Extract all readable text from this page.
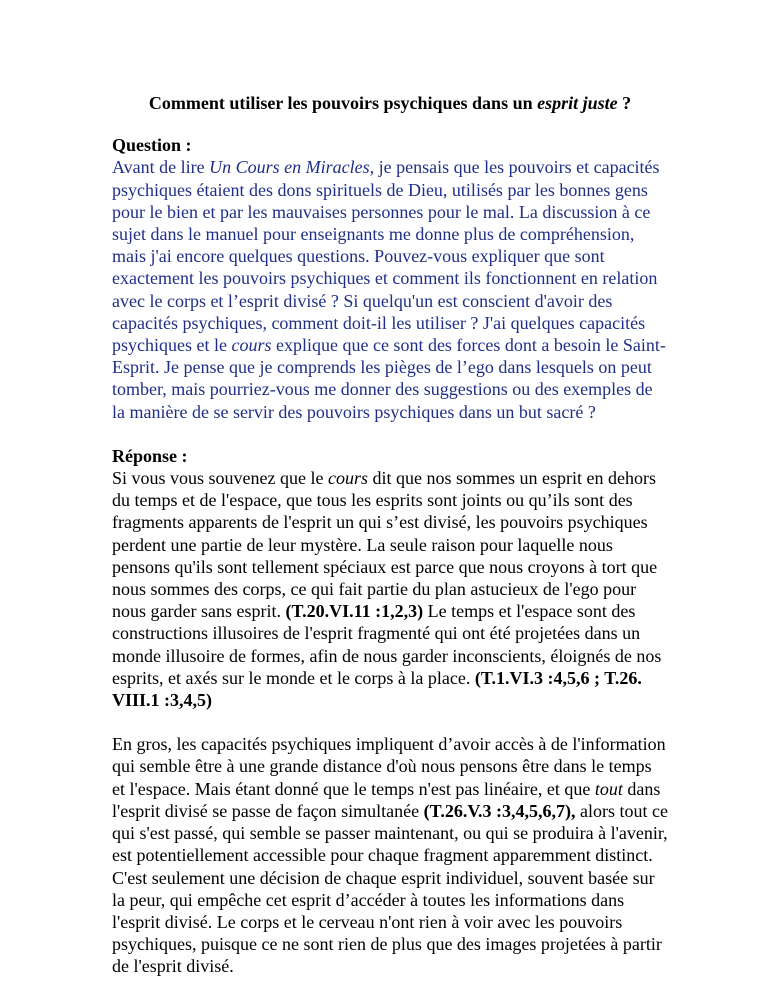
Comment utiliser les pouvoirs psychiques dans un esprit juste ?

Question :

Avant de lire Un Cours en Miracles, je pensais que les pouvoirs et capacités psychiques étaient des dons spirituels de Dieu, utilisés par les bonnes gens pour le bien et par les mauvaises personnes pour le mal. La discussion à ce sujet dans le manuel pour enseignants me donne plus de compréhension, mais j'ai encore quelques questions. Pouvez-vous expliquer que sont exactement les pouvoirs psychiques et comment ils fonctionnent en relation avec le corps et l’esprit divisé ? Si quelqu'un est conscient d'avoir des capacités psychiques, comment doit-il les utiliser ? J'ai quelques capacités psychiques et le cours explique que ce sont des forces dont a besoin le Saint-Esprit. Je pense que je comprends les pièges de l’ego dans lesquels on peut tomber, mais pourriez-vous me donner des suggestions ou des exemples de la manière de se servir des pouvoirs psychiques dans un but sacré ?

Réponse :

Si vous vous souvenez que le cours dit que nos sommes un esprit en dehors du temps et de l'espace, que tous les esprits sont joints ou qu’ils sont des fragments apparents de l'esprit un qui s’est divisé, les pouvoirs psychiques perdent une partie de leur mystère. La seule raison pour laquelle nous pensons qu'ils sont tellement spéciaux est parce que nous croyons à tort que nous sommes des corps, ce qui fait partie du plan astucieux de l'ego pour nous garder sans esprit. (T.20.VI.11 :1,2,3) Le temps et l'espace sont des constructions illusoires de l'esprit fragmenté qui ont été projetées dans un monde illusoire de formes, afin de nous garder inconscients, éloignés de nos esprits, et axés sur le monde et le corps à la place. (T.1.VI.3 :4,5,6 ; T.26. VIII.1 :3,4,5)

En gros, les capacités psychiques impliquent d’avoir accès à de l'information qui semble être à une grande distance d'où nous pensons être dans le temps et l'espace. Mais étant donné que le temps n'est pas linéaire, et que tout dans l'esprit divisé se passe de façon simultanée (T.26.V.3 :3,4,5,6,7), alors tout ce qui s'est passé, qui semble se passer maintenant, ou qui se produira à l'avenir, est potentiellement accessible pour chaque fragment apparemment distinct. C'est seulement une décision de chaque esprit individuel, souvent basée sur la peur, qui empêche cet esprit d’accéder à toutes les informations dans l'esprit divisé. Le corps et le cerveau n'ont rien à voir avec les pouvoirs psychiques, puisque ce ne sont rien de plus que des images projetées à partir de l'esprit divisé.
